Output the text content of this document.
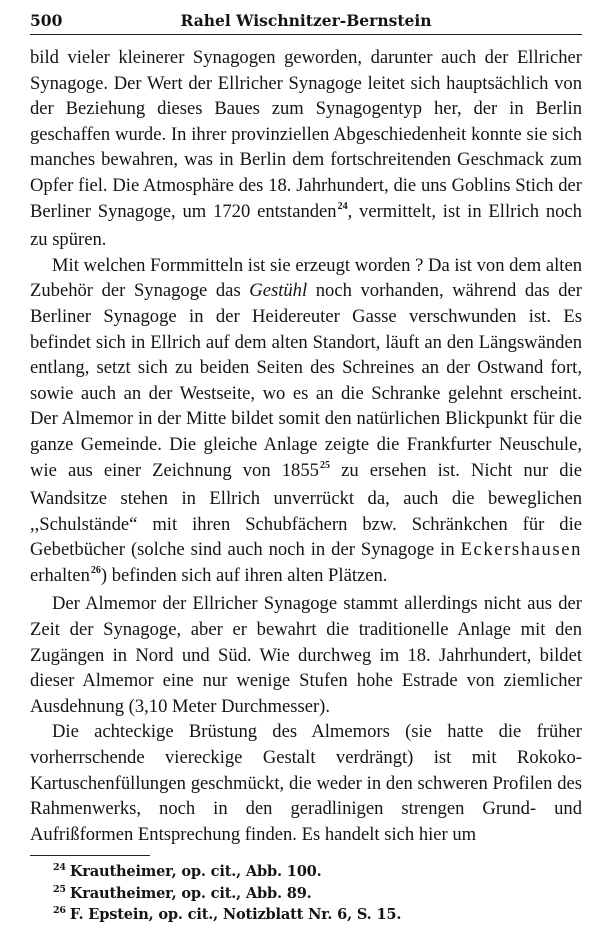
500	Rahel Wischnitzer-Bernstein

bild vieler kleinerer Synagogen geworden, darunter auch der Ellricher Synagoge. Der Wert der Ellricher Synagoge leitet sich hauptsächlich von der Beziehung dieses Baues zum Synagogentyp her, der in Berlin geschaffen wurde. In ihrer provinziellen Abgeschiedenheit konnte sie sich manches bewahren, was in Berlin dem fortschreitenden Geschmack zum Opfer fiel. Die Atmosphäre des 18. Jahrhundert, die uns Goblins Stich der Berliner Synagoge, um 1720 entstanden$^{24}$, vermittelt, ist in Ellrich noch zu spüren.

Mit welchen Formmitteln ist sie erzeugt worden ? Da ist von dem alten Zubehör der Synagoge das Gestühl noch vorhanden, während das der Berliner Synagoge in der Heidereuter Gasse verschwunden ist. Es befindet sich in Ellrich auf dem alten Standort, läuft an den Längswänden entlang, setzt sich zu beiden Seiten des Schreines an der Ostwand fort, sowie auch an der Westseite, wo es an die Schranke gelehnt erscheint. Der Almemor in der Mitte bildet somit den natürlichen Blickpunkt für die ganze Gemeinde. Die gleiche Anlage zeigte die Frankfurter Neuschule, wie aus einer Zeichnung von 1855$^{25}$ zu ersehen ist. Nicht nur die Wandsitze stehen in Ellrich unverrückt da, auch die beweglichen ,,Schulstände“ mit ihren Schubfächern bzw. Schränkchen für die Gebetbücher (solche sind auch noch in der Synagoge in Eckershausen erhalten$^{26}$) befinden sich auf ihren alten Plätzen.

Der Almemor der Ellricher Synagoge stammt allerdings nicht aus der Zeit der Synagoge, aber er bewahrt die traditionelle Anlage mit den Zugängen in Nord und Süd. Wie durchweg im 18. Jahrhundert, bildet dieser Almemor eine nur wenige Stufen hohe Estrade von ziemlicher Ausdehnung (3,10 Meter Durchmesser).

Die achteckige Brüstung des Almemors (sie hatte die früher vorherrschende viereckige Gestalt verdrängt) ist mit Rokoko-Kartuschenfüllungen geschmückt, die weder in den schweren Profilen des Rahmenwerks, noch in den geradlinigen strengen Grund- und Aufrißformen Entsprechung finden. Es handelt sich hier um

$^{24}$ Krautheimer, op. cit., Abb. 100.
$^{25}$ Krautheimer, op. cit., Abb. 89.
$^{26}$ F. Epstein, op. cit., Notizblatt Nr. 6, S. 15.
